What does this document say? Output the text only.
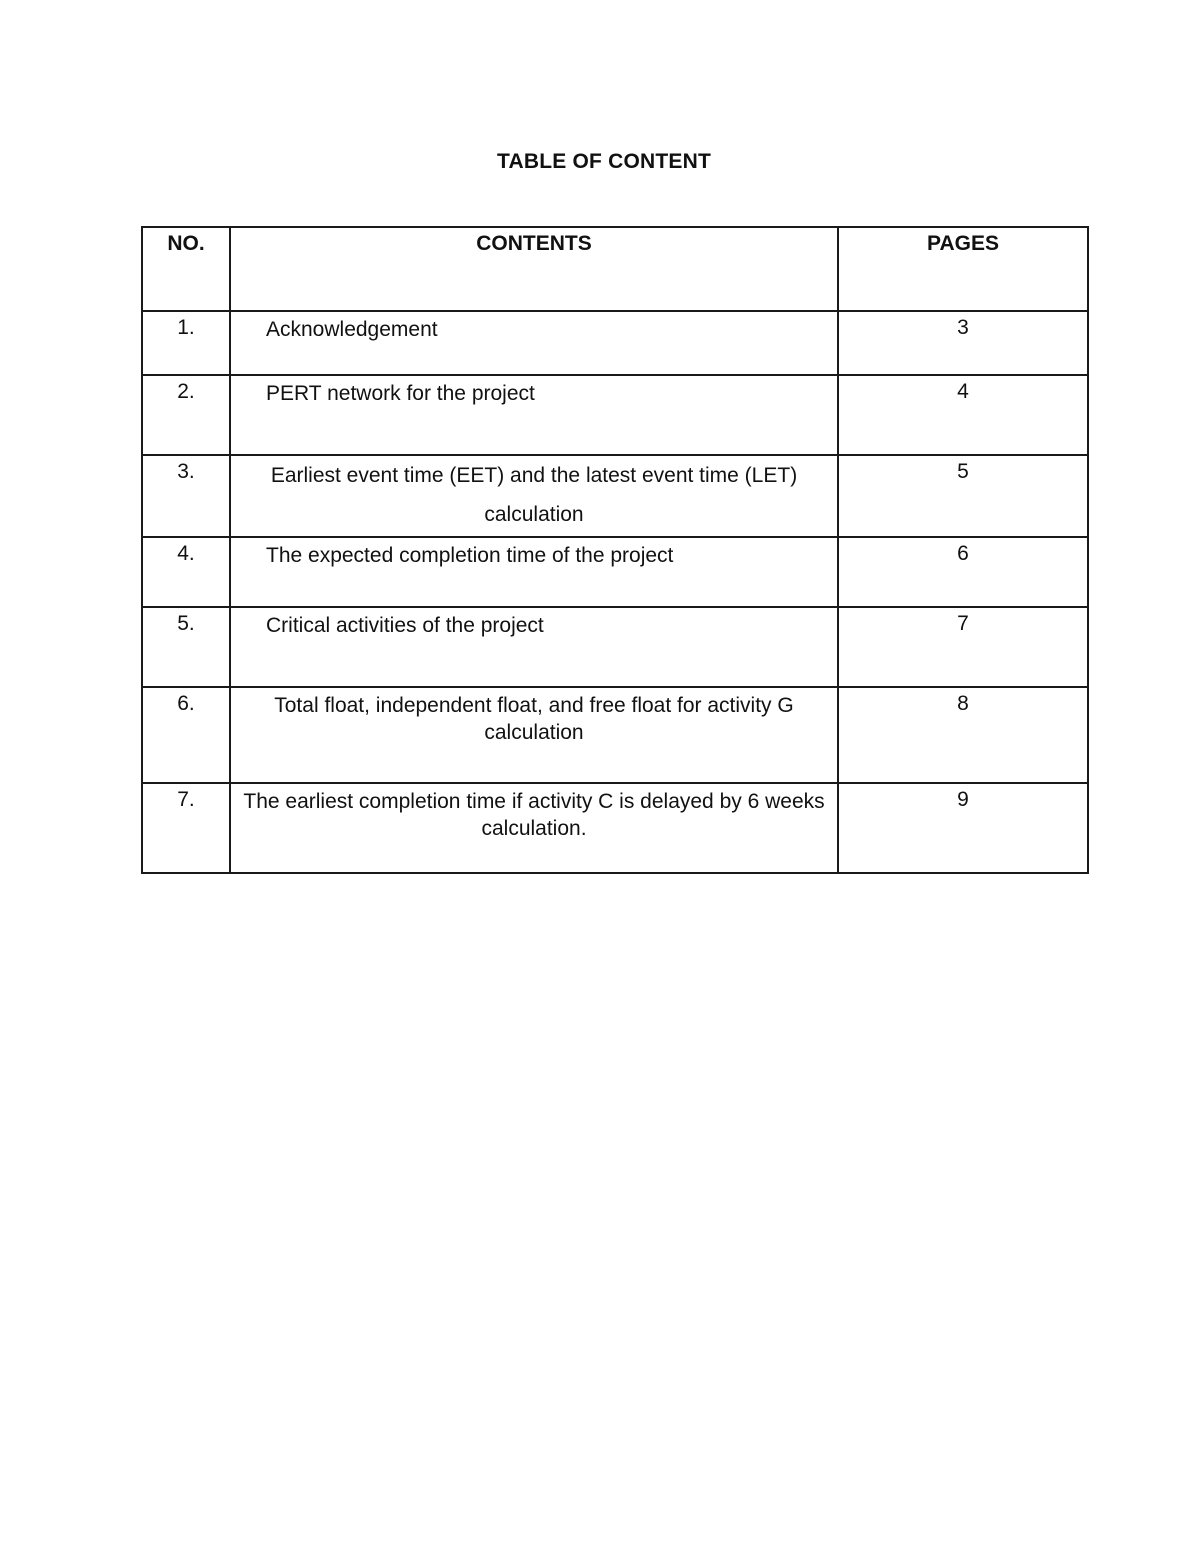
TABLE OF CONTENT
NO.	CONTENTS	PAGES
1.	Acknowledgement	3
2.	PERT network for the project	4
3.	Earliest event time (EET) and the latest event time (LET) calculation	5
4.	The expected completion time of the project	6
5.	Critical activities of the project	7
6.	Total float, independent float, and free float for activity G calculation	8
7.	The earliest completion time if activity C is delayed by 6 weeks calculation.	9
